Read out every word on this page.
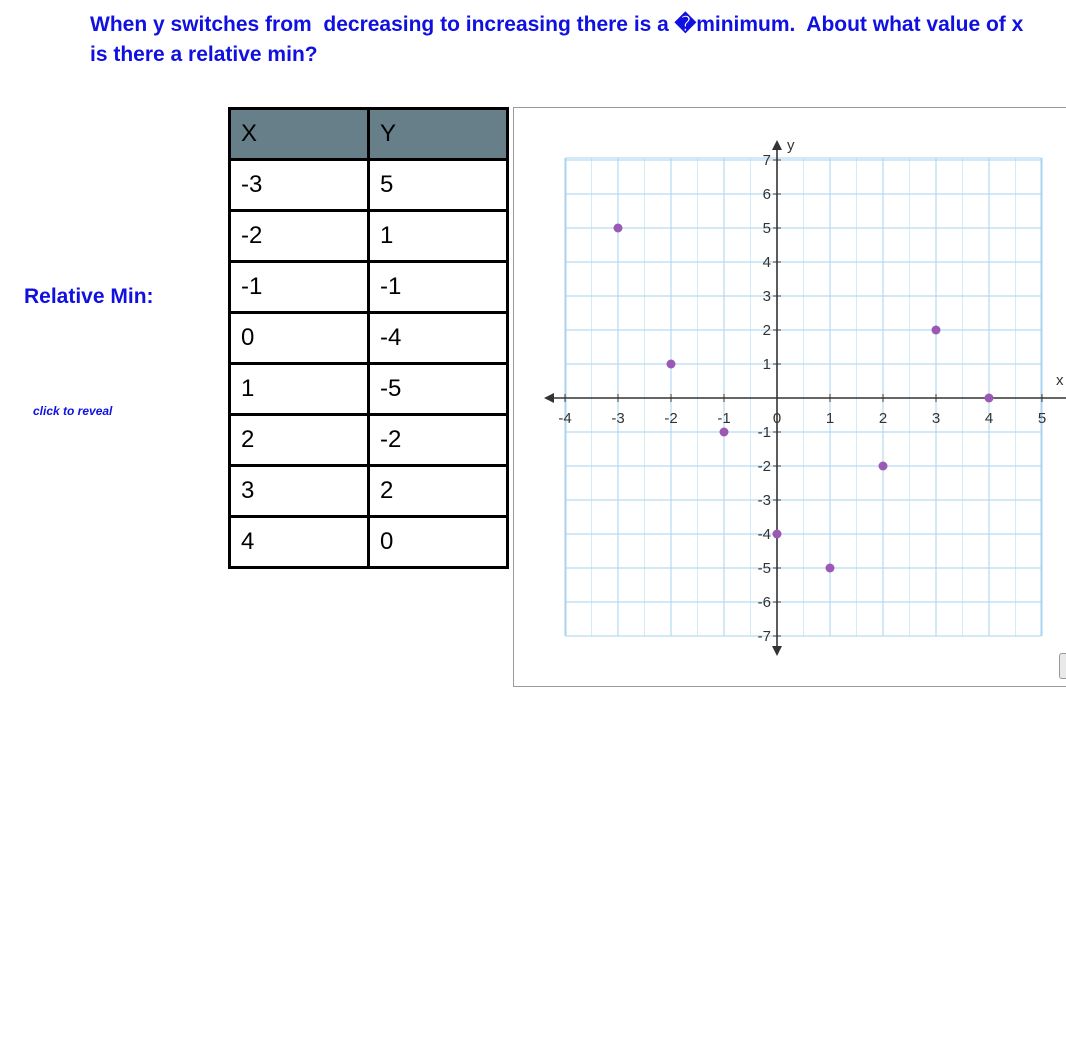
When y switches from  decreasing to increasing there is a �minimum.  About what value of x is there a relative min?

Relative Min:
click to reveal
X	Y
-3	5
-2	1
-1	-1
0	-4
1	-5
2	-2
3	2
4	0
x
y
-4	-3	-2	-1	0	1	2	3	4	5
7
6
5
4
3
2
1
-1
-2
-3
-4
-5
-6
-7
